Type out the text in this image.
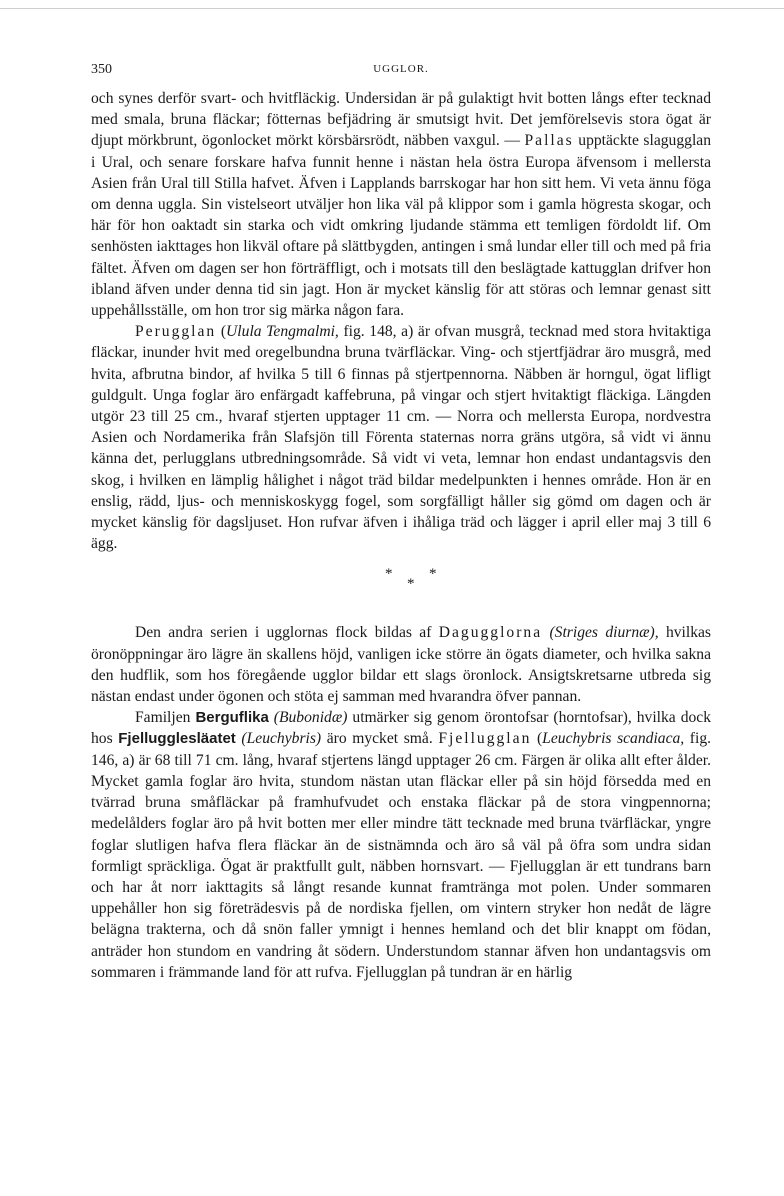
350	UGGLOR.

och synes derför svart- och hvitfläckig. Undersidan är på gulaktigt hvit botten långs efter tecknad med smala, bruna fläckar; fötternas befjädring är smutsigt hvit. Det jemförelsevis stora ögat är djupt mörkbrunt, ögonlocket mörkt körsbärsrödt, näbben vaxgul. — Pallas upptäckte slagugglan i Ural, och senare forskare hafva funnit henne i nästan hela östra Europa äfvensom i mellersta Asien från Ural till Stilla hafvet. Äfven i Lapplands barrskogar har hon sitt hem. Vi veta ännu föga om denna uggla. Sin vistelseort utväljer hon lika väl på klippor som i gamla högresta skogar, och här för hon oaktadt sin starka och vidt omkring ljudande stämma ett temligen fördoldt lif. Om senhösten iakttages hon likväl oftare på slättbygden, antingen i små lundar eller till och med på fria fältet. Äfven om dagen ser hon förträffligt, och i motsats till den beslägtade kattugglan drifver hon ibland äfven under denna tid sin jagt. Hon är mycket känslig för att störas och lemnar genast sitt uppehållsställe, om hon tror sig märka någon fara.

Perugglan (Ulula Tengmalmi, fig. 148, a) är ofvan musgrå, tecknad med stora hvitaktiga fläckar, inunder hvit med oregelbundna bruna tvärfläckar. Ving- och stjertfjädrar äro musgrå, med hvita, afbrutna bindor, af hvilka 5 till 6 finnas på stjertpennorna. Näbben är horngul, ögat lifligt guldgult. Unga foglar äro enfärgadt kaffebruna, på vingar och stjert hvitaktigt fläckiga. Längden utgör 23 till 25 cm., hvaraf stjerten upptager 11 cm. — Norra och mellersta Europa, nordvestra Asien och Nordamerika från Slafsjön till Förenta staternas norra gräns utgöra, så vidt vi ännu känna det, perlugglans utbredningsområde. Så vidt vi veta, lemnar hon endast undantagsvis den skog, i hvilken en lämplig hålighet i något träd bildar medelpunkten i hennes område. Hon är en enslig, rädd, ljus- och menniskoskygg fogel, som sorgfälligt håller sig gömd om dagen och är mycket känslig för dagsljuset. Hon rufvar äfven i ihåliga träd och lägger i april eller maj 3 till 6 ägg.

*
*
*

Den andra serien i ugglornas flock bildas af Dagugglorna (Striges diurnæ), hvilkas öronöppningar äro lägre än skallens höjd, vanligen icke större än ögats diameter, och hvilka sakna den hudflik, som hos föregående ugglor bildar ett slags öronlock. Ansigtskretsarne utbreda sig nästan endast under ögonen och stöta ej samman med hvarandra öfver pannan.

Familjen Berguflika (Bubonidæ) utmärker sig genom örontofsar (horntofsar), hvilka dock hos Fjellugglesläatet (Leuchybris) äro mycket små. Fjellugglan (Leuchybris scandiaca, fig. 146, a) är 68 till 71 cm. lång, hvaraf stjertens längd upptager 26 cm. Färgen är olika allt efter ålder. Mycket gamla foglar äro hvita, stundom nästan utan fläckar eller på sin höjd försedda med en tvärrad bruna småfläckar på framhufvudet och enstaka fläckar på de stora vingpennorna; medelålders foglar äro på hvit botten mer eller mindre tätt tecknade med bruna tvärfläckar, yngre foglar slutligen hafva flera fläckar än de sistnämnda och äro så väl på öfra som undra sidan formligt spräckliga. Ögat är praktfullt gult, näbben hornsvart. — Fjellugglan är ett tundrans barn och har åt norr iakttagits så långt resande kunnat framtränga mot polen. Under sommaren uppehåller hon sig företrädesvis på de nordiska fjellen, om vintern stryker hon nedåt de lägre belägna trakterna, och då snön faller ymnigt i hennes hemland och det blir knappt om födan, anträder hon stundom en vandring åt södern. Understundom stannar äfven hon undantagsvis om sommaren i främmande land för att rufva. Fjellugglan på tundran är en härlig
